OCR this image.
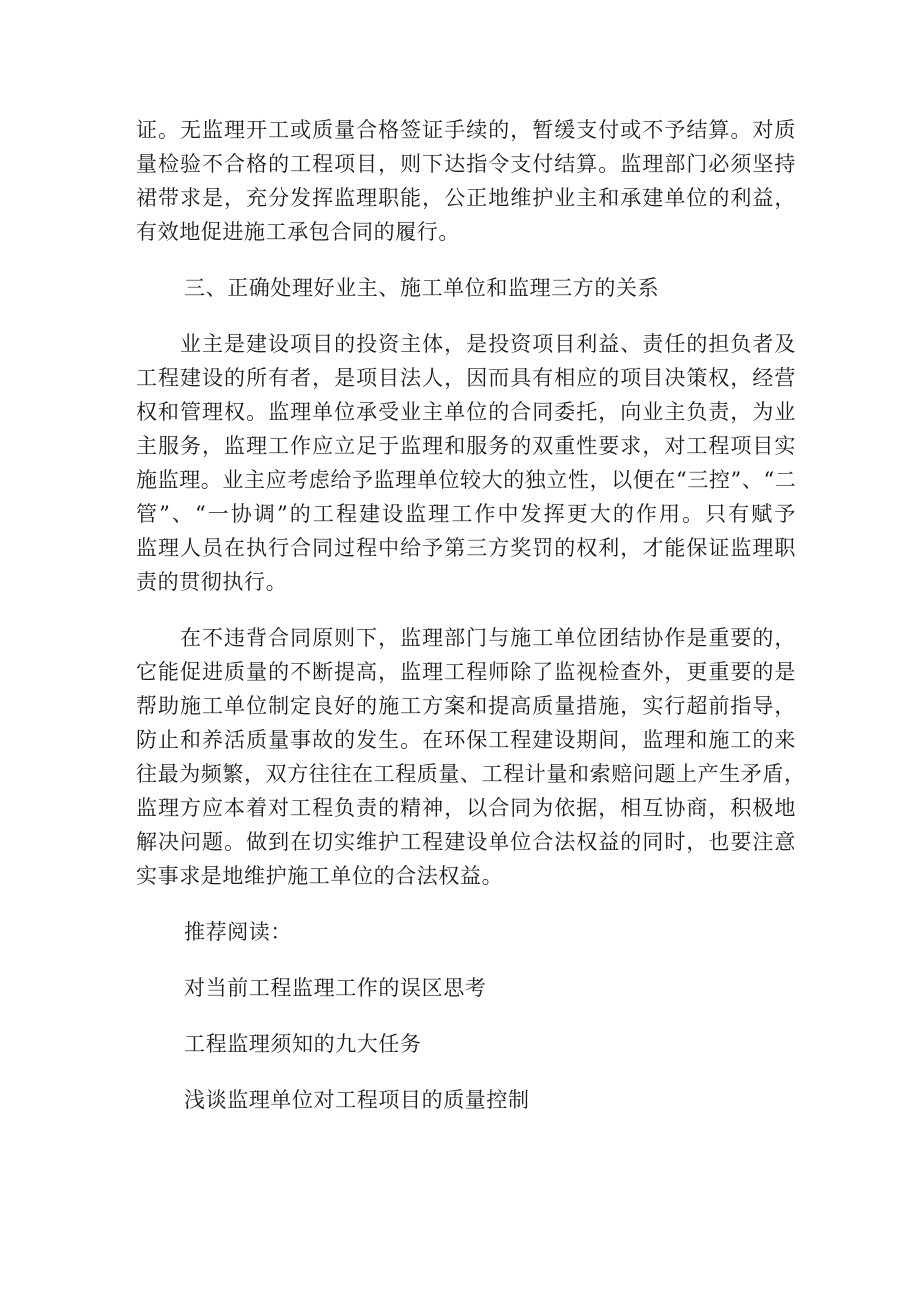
证。无监理开工或质量合格签证手续的，暂缓支付或不予结算。对质

量检验不合格的工程项目，则下达指令支付结算。监理部门必须坚持

裙带求是，充分发挥监理职能，公正地维护业主和承建单位的利益，

有效地促进施工承包合同的履行。

三、正确处理好业主、施工单位和监理三方的关系

业主是建设项目的投资主体，是投资项目利益、责任的担负者及

工程建设的所有者，是项目法人，因而具有相应的项目决策权，经营

权和管理权。监理单位承受业主单位的合同委托，向业主负责，为业

主服务，监理工作应立足于监理和服务的双重性要求，对工程项目实

施监理。业主应考虑给予监理单位较大的独立性，以便在“三控”、“二

管”、“一协调”的工程建设监理工作中发挥更大的作用。只有赋予

监理人员在执行合同过程中给予第三方奖罚的权利，才能保证监理职

责的贯彻执行。

在不违背合同原则下，监理部门与施工单位团结协作是重要的，

它能促进质量的不断提高，监理工程师除了监视检查外，更重要的是

帮助施工单位制定良好的施工方案和提高质量措施，实行超前指导，

防止和养活质量事故的发生。在环保工程建设期间，监理和施工的来

往最为频繁，双方往往在工程质量、工程计量和索赔问题上产生矛盾，

监理方应本着对工程负责的精神，以合同为依据，相互协商，积极地

解决问题。做到在切实维护工程建设单位合法权益的同时，也要注意

实事求是地维护施工单位的合法权益。

推荐阅读：

对当前工程监理工作的误区思考

工程监理须知的九大任务

浅谈监理单位对工程项目的质量控制
